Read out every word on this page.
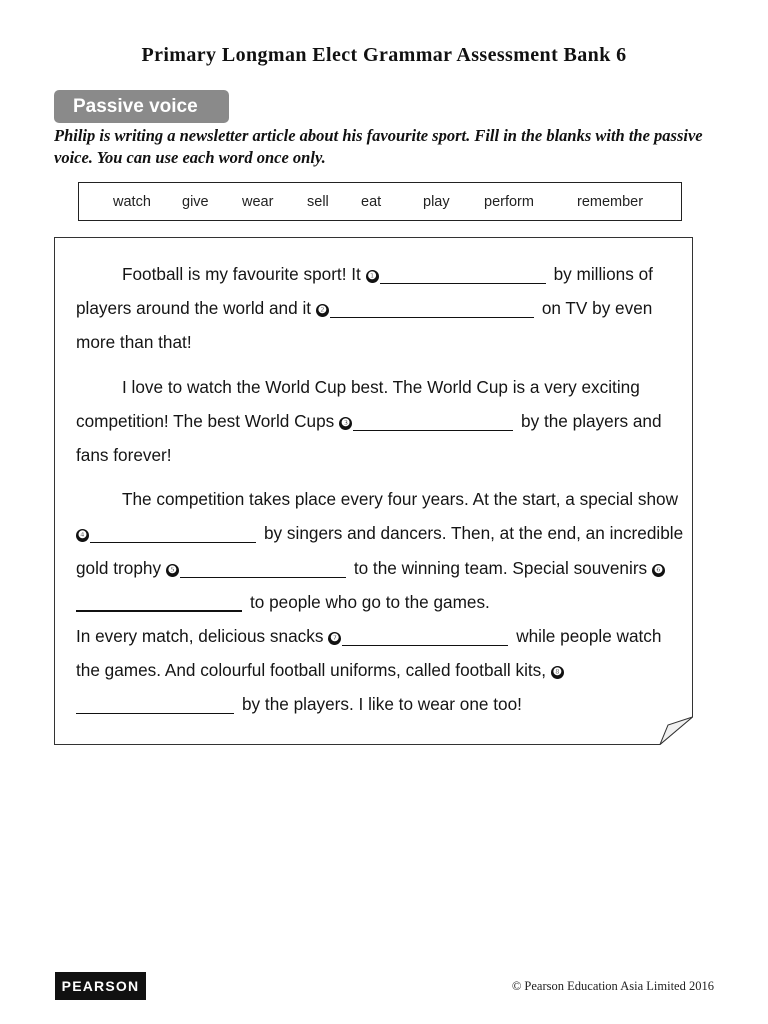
Primary Longman Elect Grammar Assessment Bank 6
Passive voice
Philip is writing a newsletter article about his favourite sport. Fill in the blanks with the passive voice. You can use each word once only.
watch give wear sell eat	play perform	remember

Football is my favourite sport! It ❶	by millions of players around the world and it ❷	on TV by even more than that!

I love to watch the World Cup best. The World Cup is a very exciting competition! The best World Cups ❸	by the players and fans forever!

The competition takes place every four years. At the start, a special show ❹	by singers and dancers. Then, at the end, an incredible gold trophy ❺	to the winning team. Special souvenirs ❻to people who go to the games.

In every match, delicious snacks ❼	while people watch the games. And colourful football uniforms, called football kits, ❽by the players. I like to wear one too!

PEARSON	© Pearson Education Asia Limited 2016
